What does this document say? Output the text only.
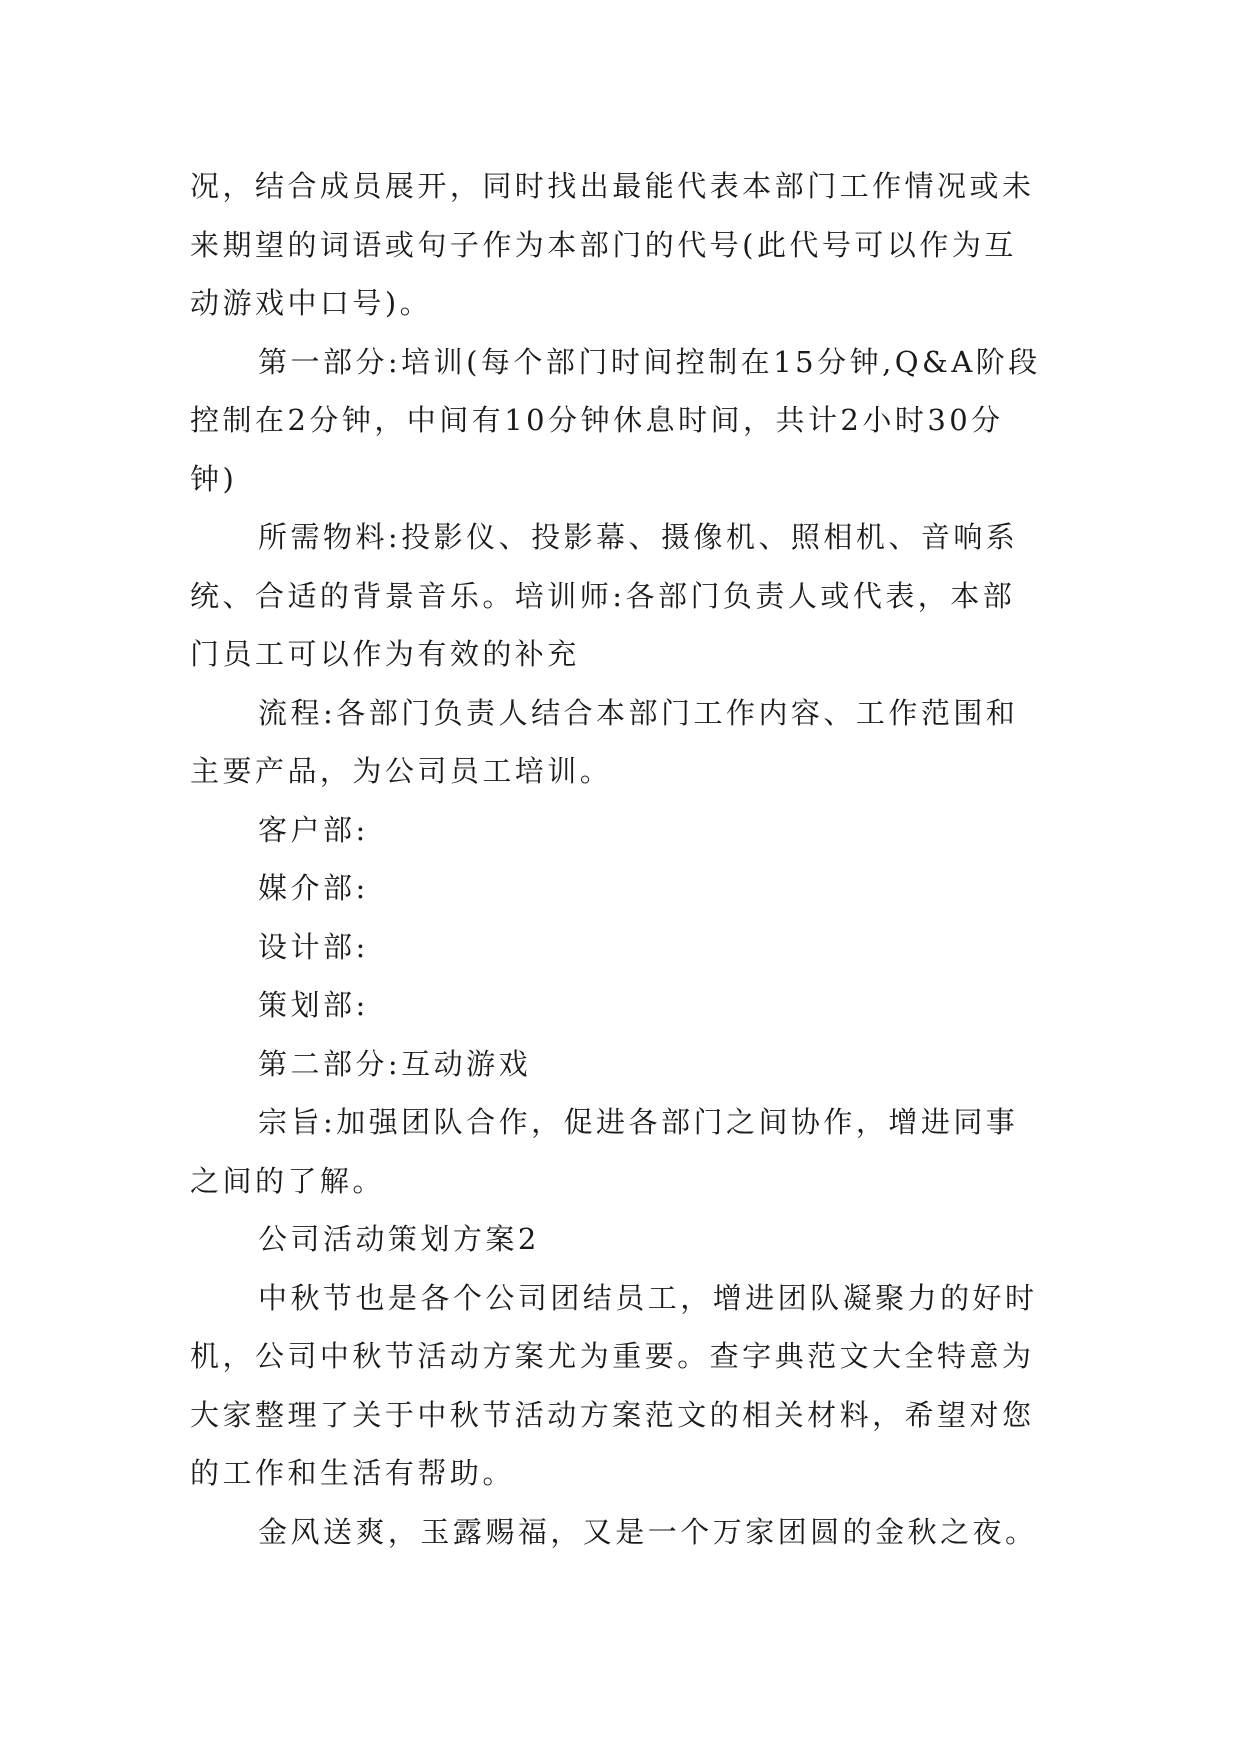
况，结合成员展开，同时找出最能代表本部门工作情况或未
来期望的词语或句子作为本部门的代号(此代号可以作为互
动游戏中口号)。
第一部分:培训(每个部门时间控制在15分钟,Q&A阶段
控制在2分钟，中间有10分钟休息时间，共计2小时30分
钟)
所需物料:投影仪、投影幕、摄像机、照相机、音响系
统、合适的背景音乐。培训师:各部门负责人或代表，本部
门员工可以作为有效的补充
流程:各部门负责人结合本部门工作内容、工作范围和
主要产品，为公司员工培训。
客户部:
媒介部:
设计部:
策划部:
第二部分:互动游戏
宗旨:加强团队合作，促进各部门之间协作，增进同事
之间的了解。
公司活动策划方案2
中秋节也是各个公司团结员工，增进团队凝聚力的好时
机，公司中秋节活动方案尤为重要。查字典范文大全特意为
大家整理了关于中秋节活动方案范文的相关材料，希望对您
的工作和生活有帮助。
金风送爽，玉露赐福，又是一个万家团圆的金秋之夜。
